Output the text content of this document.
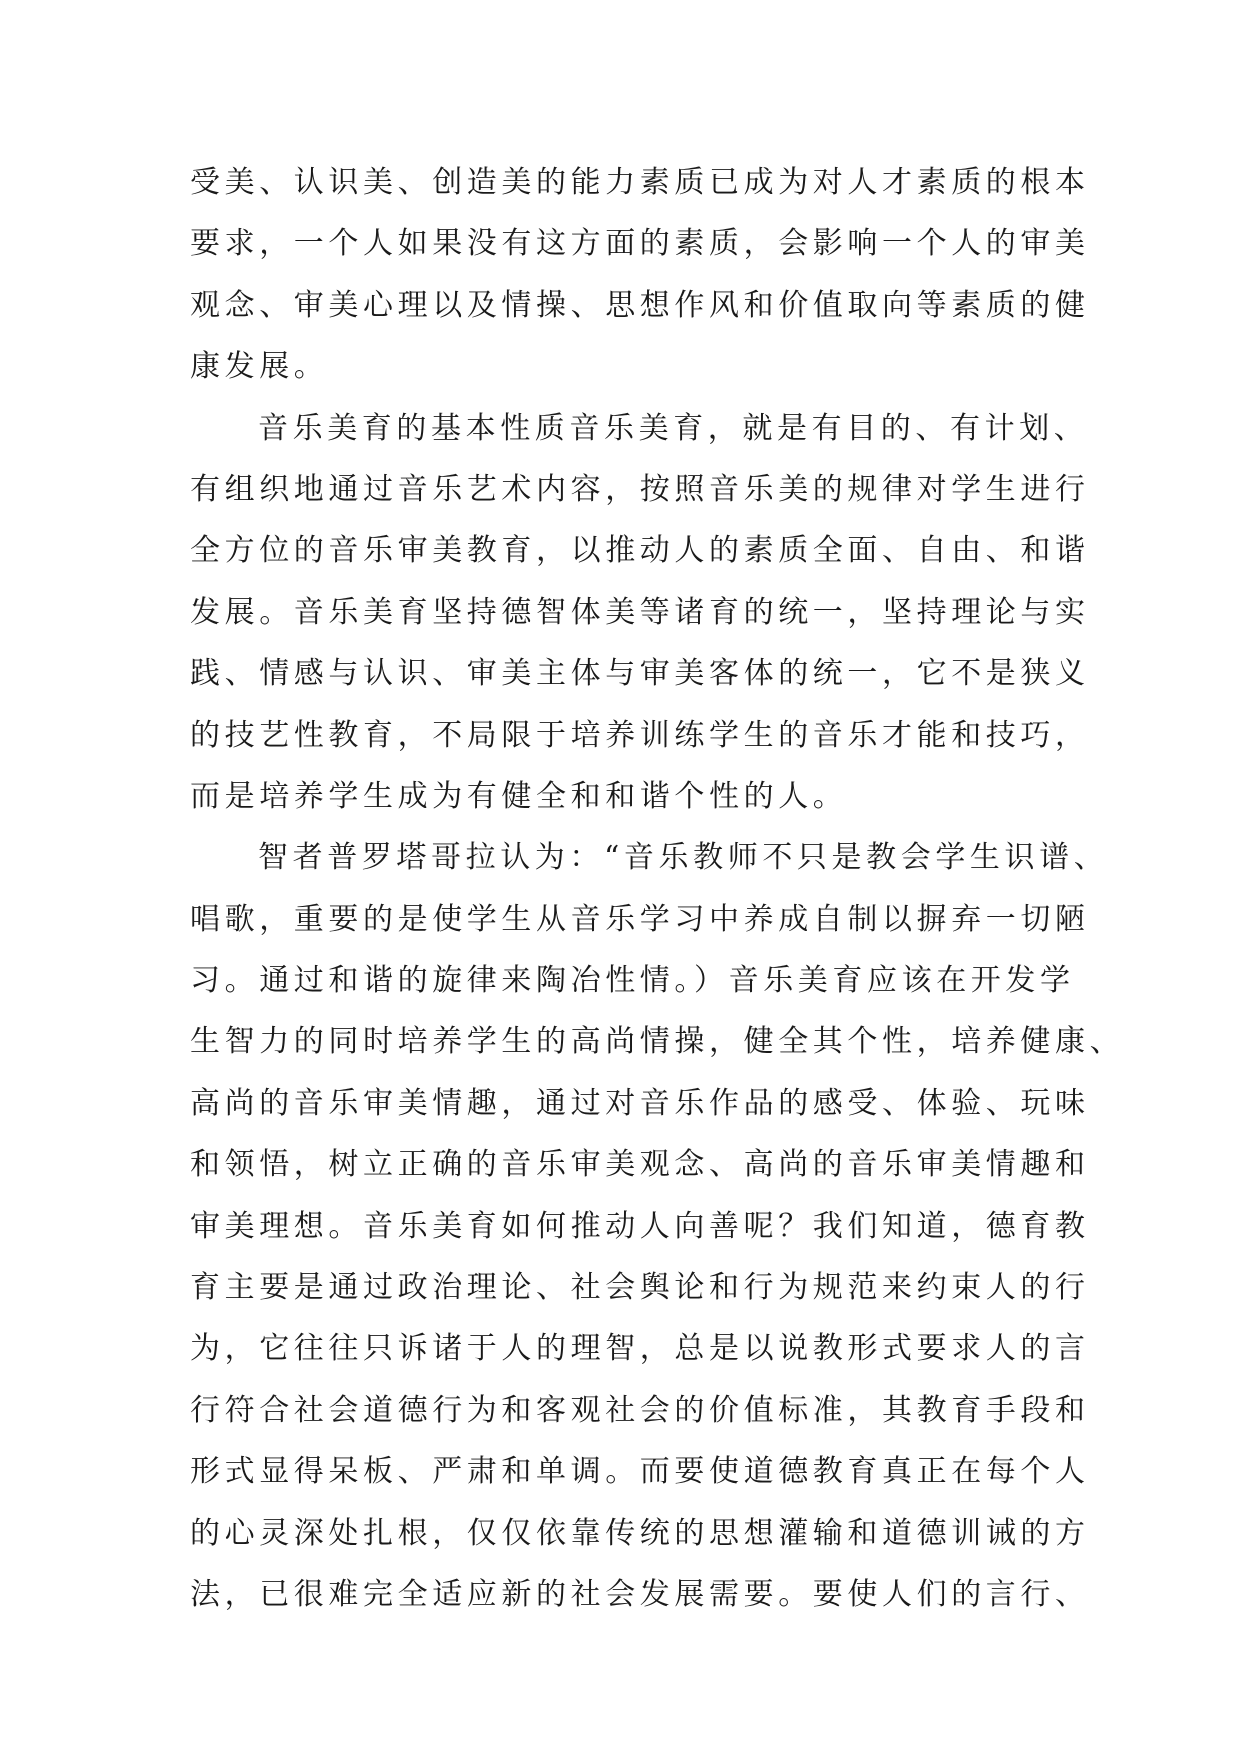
受美、认识美、创造美的能力素质已成为对人才素质的根本
要求，一个人如果没有这方面的素质，会影响一个人的审美
观念、审美心理以及情操、思想作风和价值取向等素质的健
康发展。
音乐美育的基本性质音乐美育，就是有目的、有计划、
有组织地通过音乐艺术内容，按照音乐美的规律对学生进行
全方位的音乐审美教育，以推动人的素质全面、自由、和谐
发展。音乐美育坚持德智体美等诸育的统一，坚持理论与实
践、情感与认识、审美主体与审美客体的统一，它不是狭义
的技艺性教育，不局限于培养训练学生的音乐才能和技巧，
而是培养学生成为有健全和和谐个性的人。
智者普罗塔哥拉认为：“音乐教师不只是教会学生识谱、
唱歌，重要的是使学生从音乐学习中养成自制以摒弃一切陋
习。通过和谐的旋律来陶冶性情。）音乐美育应该在开发学
生智力的同时培养学生的高尚情操，健全其个性，培养健康、
高尚的音乐审美情趣，通过对音乐作品的感受、体验、玩味
和领悟，树立正确的音乐审美观念、高尚的音乐审美情趣和
审美理想。音乐美育如何推动人向善呢？我们知道，德育教
育主要是通过政治理论、社会舆论和行为规范来约束人的行
为，它往往只诉诸于人的理智，总是以说教形式要求人的言
行符合社会道德行为和客观社会的价值标准，其教育手段和
形式显得呆板、严肃和单调。而要使道德教育真正在每个人
的心灵深处扎根，仅仅依靠传统的思想灌输和道德训诫的方
法，已很难完全适应新的社会发展需要。要使人们的言行、
